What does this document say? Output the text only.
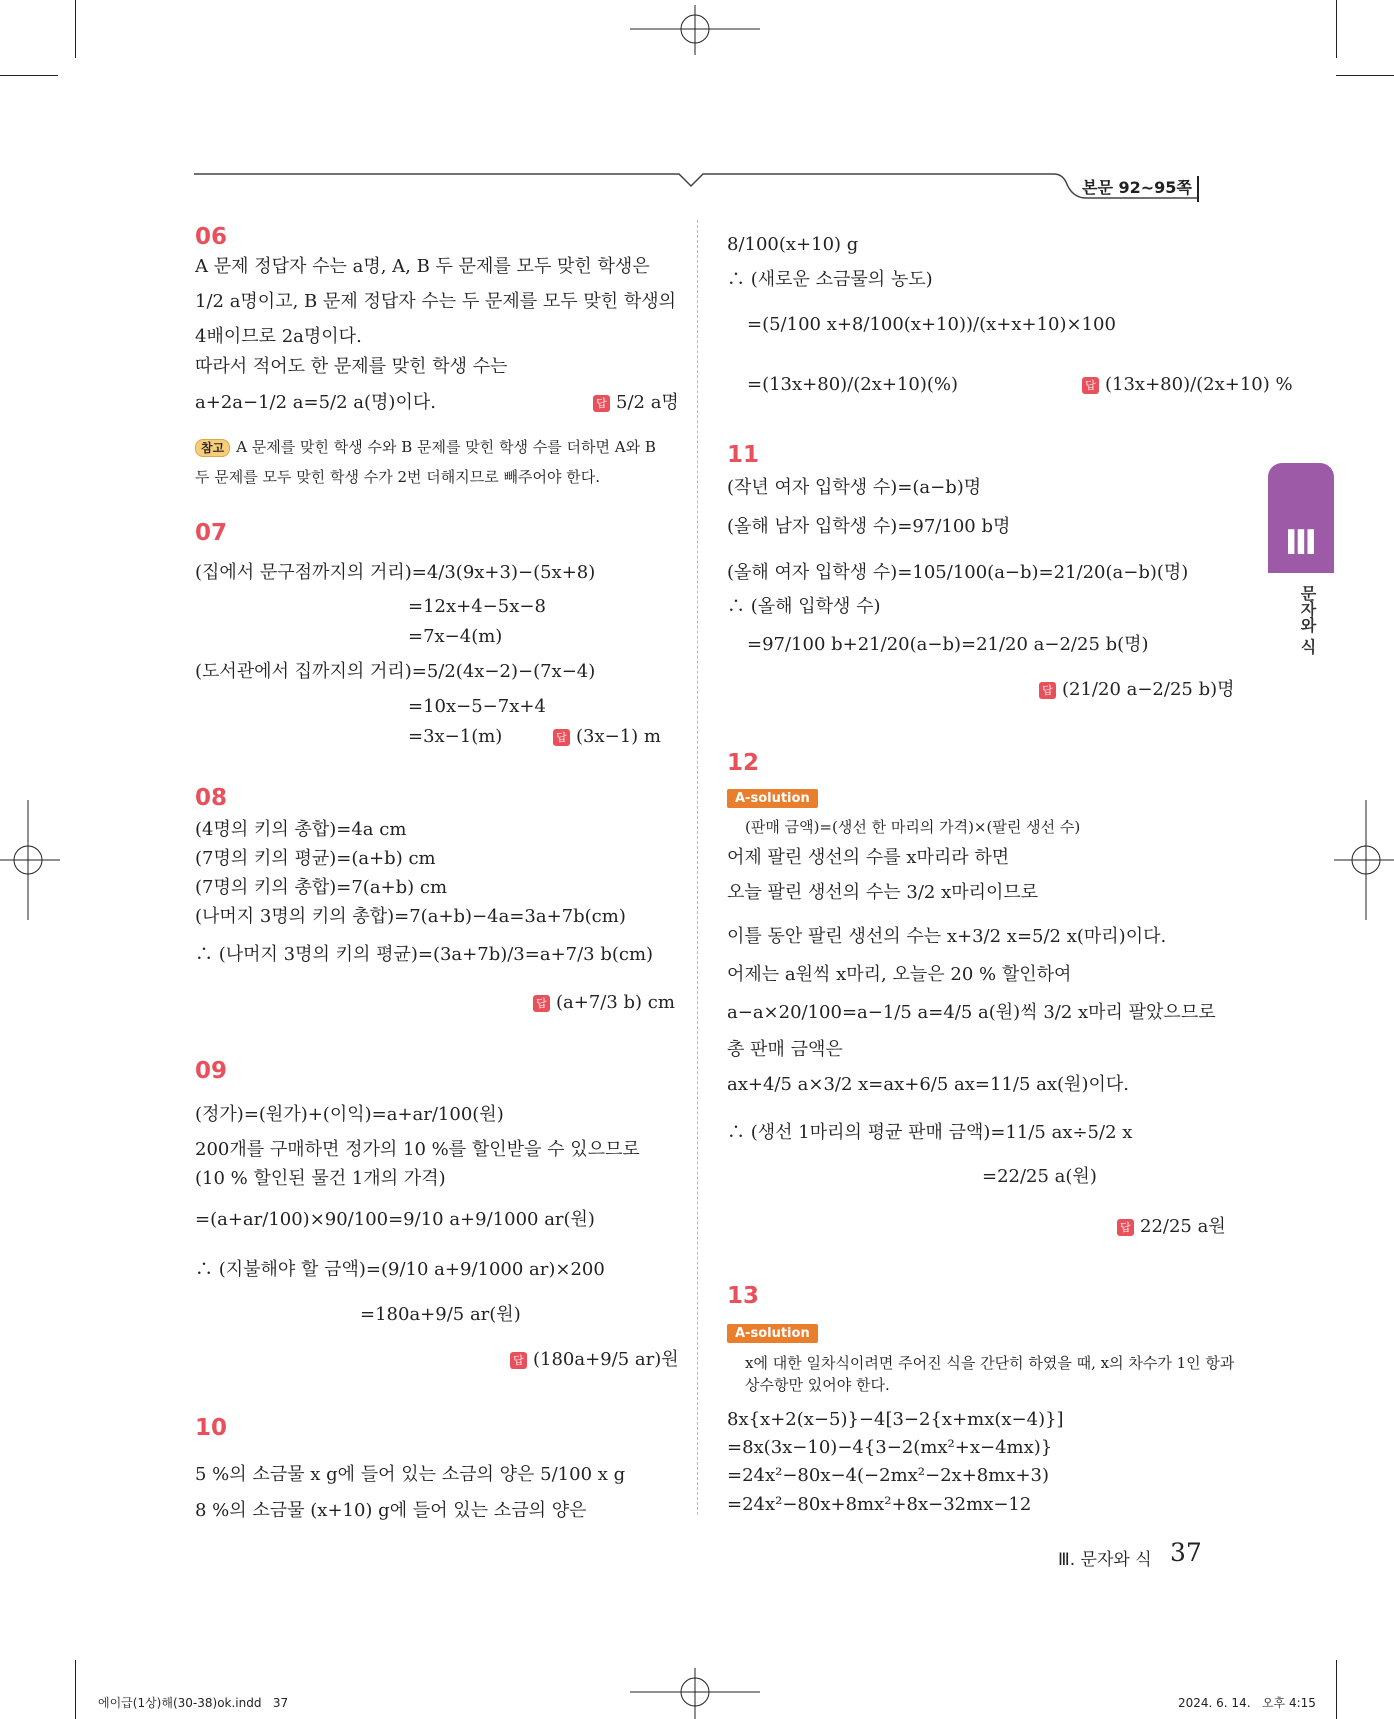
본문 92~95쪽
Ⅲ
문자와 식
06
A 문제 정답자 수는 a명, A, B 두 문제를 모두 맞힌 학생은
1/2 a명이고, B 문제 정답자 수는 두 문제를 모두 맞힌 학생의
4배이므로 2a명이다.
따라서 적어도 한 문제를 맞힌 학생 수는
a+2a−1/2 a=5/2 a(명)이다.	답 5/2 a명
참고 A 문제를 맞힌 학생 수와 B 문제를 맞힌 학생 수를 더하면 A와 B
두 문제를 모두 맞힌 학생 수가 2번 더해지므로 빼주어야 한다.
07
(집에서 문구점까지의 거리)=4/3(9x+3)−(5x+8)
=12x+4−5x−8
=7x−4(m)
(도서관에서 집까지의 거리)=5/2(4x−2)−(7x−4)
=10x−5−7x+4
=3x−1(m)	답 (3x−1) m
08
(4명의 키의 총합)=4a cm
(7명의 키의 평균)=(a+b) cm
(7명의 키의 총합)=7(a+b) cm
(나머지 3명의 키의 총합)=7(a+b)−4a=3a+7b(cm)
∴ (나머지 3명의 키의 평균)=(3a+7b)/3=a+7/3 b(cm)
답 (a+7/3 b) cm
09
(정가)=(원가)+(이익)=a+ar/100(원)
200개를 구매하면 정가의 10 %를 할인받을 수 있으므로
(10 % 할인된 물건 1개의 가격)
=(a+ar/100)×90/100=9/10 a+9/1000 ar(원)
∴ (지불해야 할 금액)=(9/10 a+9/1000 ar)×200
=180a+9/5 ar(원)
답 (180a+9/5 ar)원
10
5 %의 소금물 x g에 들어 있는 소금의 양은 5/100 x g
8 %의 소금물 (x+10) g에 들어 있는 소금의 양은
8/100(x+10) g
∴ (새로운 소금물의 농도)
=(5/100 x+8/100(x+10))/(x+x+10)×100
=(13x+80)/(2x+10)(%)	답 (13x+80)/(2x+10) %
11
(작년 여자 입학생 수)=(a−b)명
(올해 남자 입학생 수)=97/100 b명
(올해 여자 입학생 수)=105/100(a−b)=21/20(a−b)(명)
∴ (올해 입학생 수)
=97/100 b+21/20(a−b)=21/20 a−2/25 b(명)
답 (21/20 a−2/25 b)명
12
A-solution
(판매 금액)=(생선 한 마리의 가격)×(팔린 생선 수)
어제 팔린 생선의 수를 x마리라 하면
오늘 팔린 생선의 수는 3/2 x마리이므로
이틀 동안 팔린 생선의 수는 x+3/2 x=5/2 x(마리)이다.
어제는 a원씩 x마리, 오늘은 20 % 할인하여
a−a×20/100=a−1/5 a=4/5 a(원)씩 3/2 x마리 팔았으므로
총 판매 금액은
ax+4/5 a×3/2 x=ax+6/5 ax=11/5 ax(원)이다.
∴ (생선 1마리의 평균 판매 금액)=11/5 ax÷5/2 x
=22/25 a(원)
답 22/25 a원
13
A-solution
x에 대한 일차식이려면 주어진 식을 간단히 하였을 때, x의 차수가 1인 항과
상수항만 있어야 한다.
8x{x+2(x−5)}−4[3−2{x+mx(x−4)}]
=8x(3x−10)−4{3−2(mx²+x−4mx)}
=24x²−80x−4(−2mx²−2x+8mx+3)
=24x²−80x+8mx²+8x−32mx−12
Ⅲ. 문자와 식 37
에이급(1상)해(30-38)ok.indd   37	2024. 6. 14.   오후 4:15
